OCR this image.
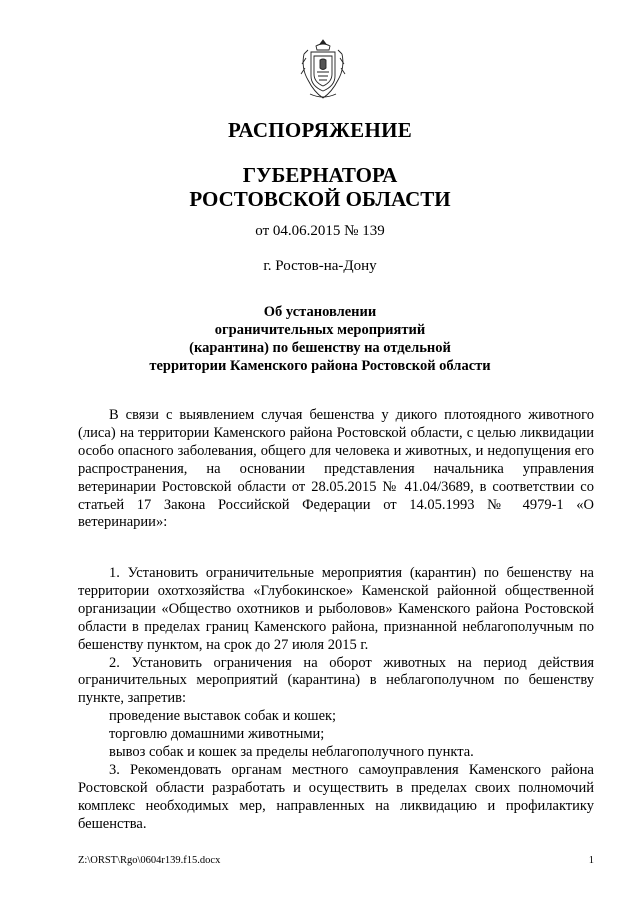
РАСПОРЯЖЕНИЕ
ГУБЕРНАТОРА
РОСТОВСКОЙ ОБЛАСТИ
от 04.06.2015 № 139
г. Ростов-на-Дону
Об установлении
ограничительных мероприятий
(карантина) по бешенству на отдельной
территории Каменского района Ростовской области

В связи с выявлением случая бешенства у дикого плотоядного животного (лиса) на территории Каменского района Ростовской области, с целью ликвидации особо опасного заболевания, общего для человека и животных, и недопущения его распространения, на основании представления начальника управления ветеринарии Ростовской области от 28.05.2015 № 41.04/3689, в соответствии со статьей 17 Закона Российской Федерации от 14.05.1993 № 4979-1 «О ветеринарии»:

1. Установить ограничительные мероприятия (карантин) по бешенству на территории охотхозяйства «Глубокинское» Каменской районной общественной организации «Общество охотников и рыболовов» Каменского района Ростовской области в пределах границ Каменского района, признанной неблагополучным по бешенству пунктом, на срок до 27 июля 2015 г.

2. Установить ограничения на оборот животных на период действия ограничительных мероприятий (карантина) в неблагополучном по бешенству пункте, запретив:

проведение выставок собак и кошек;

торговлю домашними животными;

вывоз собак и кошек за пределы неблагополучного пункта.

3. Рекомендовать органам местного самоуправления Каменского района Ростовской области разработать и осуществить в пределах своих полномочий комплекс необходимых мер, направленных на ликвидацию и профилактику бешенства.

Z:\ORST\Rgo\0604r139.f15.docx	1
